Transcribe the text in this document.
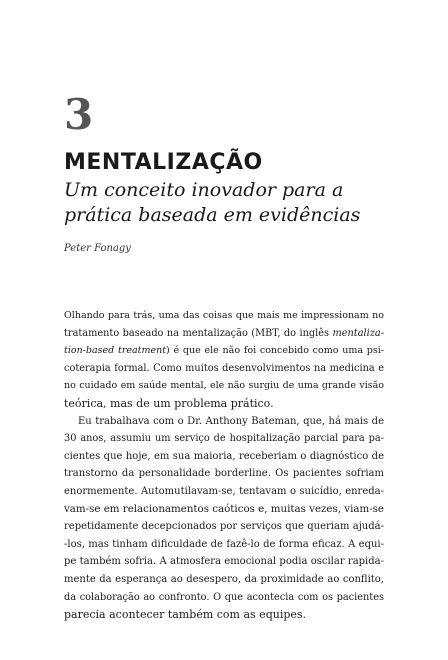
3
MENTALIZAÇÃO
Um conceito inovador para a
prática baseada em evidências

Peter Fonagy

Olhando para trás, uma das coisas que mais me impressionam no
tratamento baseado na mentalização (MBT, do inglês mentaliza-
tion-based treatment) é que ele não foi concebido como uma psi-
coterapia formal. Como muitos desenvolvimentos na medicina e
no cuidado em saúde mental, ele não surgiu de uma grande visão
teórica, mas de um problema prático.
Eu trabalhava com o Dr. Anthony Bateman, que, há mais de
30 anos, assumiu um serviço de hospitalização parcial para pa-
cientes que hoje, em sua maioria, receberiam o diagnóstico de
transtorno da personalidade borderline. Os pacientes sofriam
enormemente. Automutilavam-se, tentavam o suicídio, enreda-
vam-se em relacionamentos caóticos e, muitas vezes, viam-se
repetidamente decepcionados por serviços que queriam ajudá-
-los, mas tinham dificuldade de fazê-lo de forma eficaz. A equi-
pe também sofria. A atmosfera emocional podia oscilar rapida-
mente da esperança ao desespero, da proximidade ao conflito,
da colaboração ao confronto. O que acontecia com os pacientes
parecia acontecer também com as equipes.
